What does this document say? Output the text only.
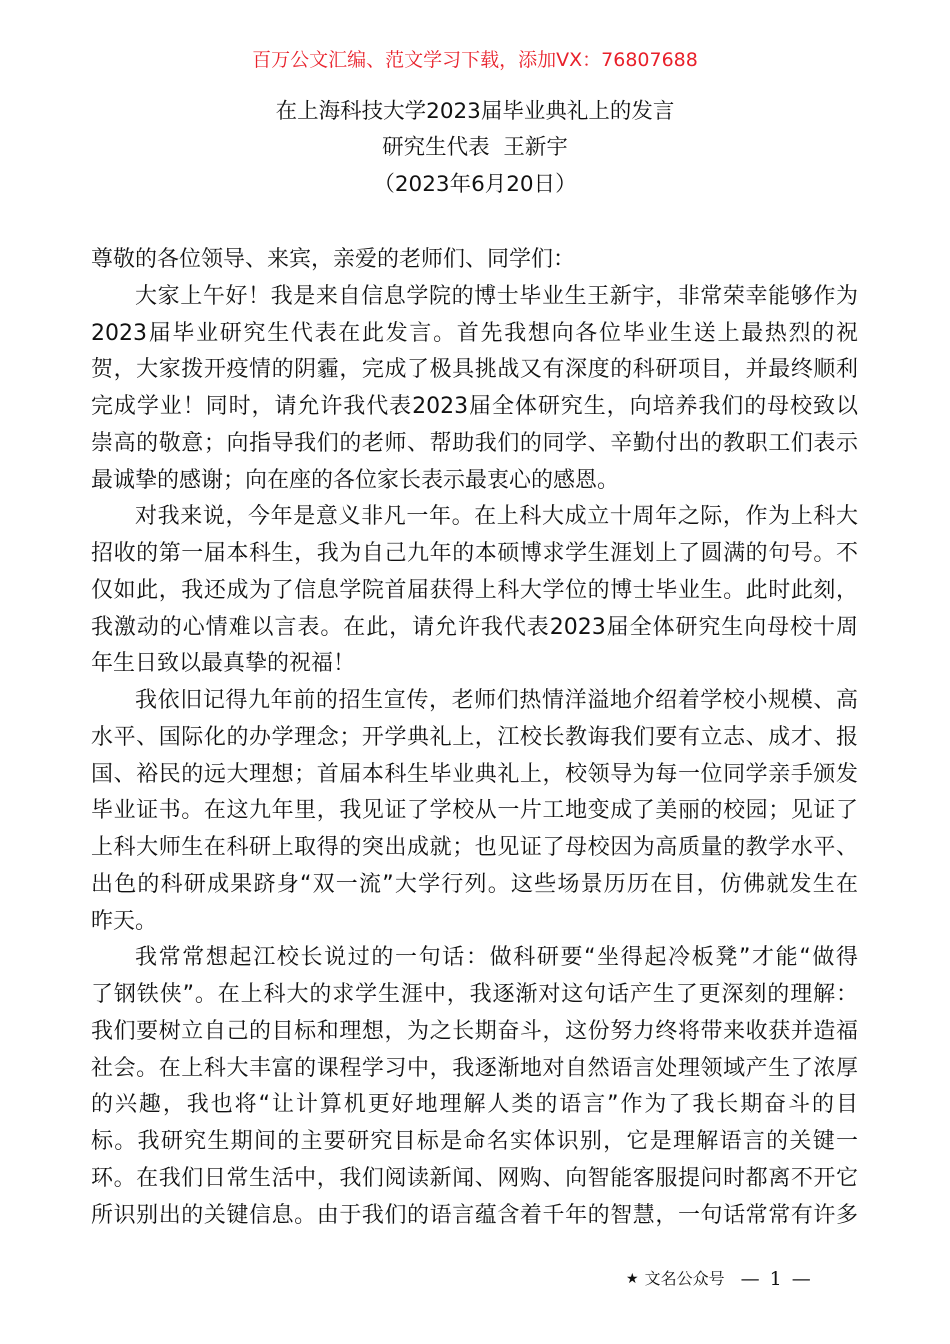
百万公文汇编、范文学习下载，添加VX：76807688
在上海科技大学2023届毕业典礼上的发言
研究生代表  王新宇
（2023年6月20日）
尊敬的各位领导、来宾，亲爱的老师们、同学们：
大家上午好！我是来自信息学院的博士毕业生王新宇，非常荣幸能够作为
2023届毕业研究生代表在此发言。首先我想向各位毕业生送上最热烈的祝
贺，大家拨开疫情的阴霾，完成了极具挑战又有深度的科研项目，并最终顺利
完成学业！同时，请允许我代表2023届全体研究生，向培养我们的母校致以
崇高的敬意；向指导我们的老师、帮助我们的同学、辛勤付出的教职工们表示
最诚挚的感谢；向在座的各位家长表示最衷心的感恩。
对我来说，今年是意义非凡一年。在上科大成立十周年之际，作为上科大
招收的第一届本科生，我为自己九年的本硕博求学生涯划上了圆满的句号。不
仅如此，我还成为了信息学院首届获得上科大学位的博士毕业生。此时此刻，
我激动的心情难以言表。在此，请允许我代表2023届全体研究生向母校十周
年生日致以最真挚的祝福！
我依旧记得九年前的招生宣传，老师们热情洋溢地介绍着学校小规模、高
水平、国际化的办学理念；开学典礼上，江校长教诲我们要有立志、成才、报
国、裕民的远大理想；首届本科生毕业典礼上，校领导为每一位同学亲手颁发
毕业证书。在这九年里，我见证了学校从一片工地变成了美丽的校园；见证了
上科大师生在科研上取得的突出成就；也见证了母校因为高质量的教学水平、
出色的科研成果跻身“双一流”大学行列。这些场景历历在目，仿佛就发生在
昨天。
我常常想起江校长说过的一句话：做科研要“坐得起冷板凳”才能“做得
了钢铁侠”。在上科大的求学生涯中，我逐渐对这句话产生了更深刻的理解：
我们要树立自己的目标和理想，为之长期奋斗，这份努力终将带来收获并造福
社会。在上科大丰富的课程学习中，我逐渐地对自然语言处理领域产生了浓厚
的兴趣，我也将“让计算机更好地理解人类的语言”作为了我长期奋斗的目
标。我研究生期间的主要研究目标是命名实体识别，它是理解语言的关键一
环。在我们日常生活中，我们阅读新闻、网购、向智能客服提问时都离不开它
所识别出的关键信息。由于我们的语言蕴含着千年的智慧，一句话常常有许多
★ 文名公众号 — 1 —
